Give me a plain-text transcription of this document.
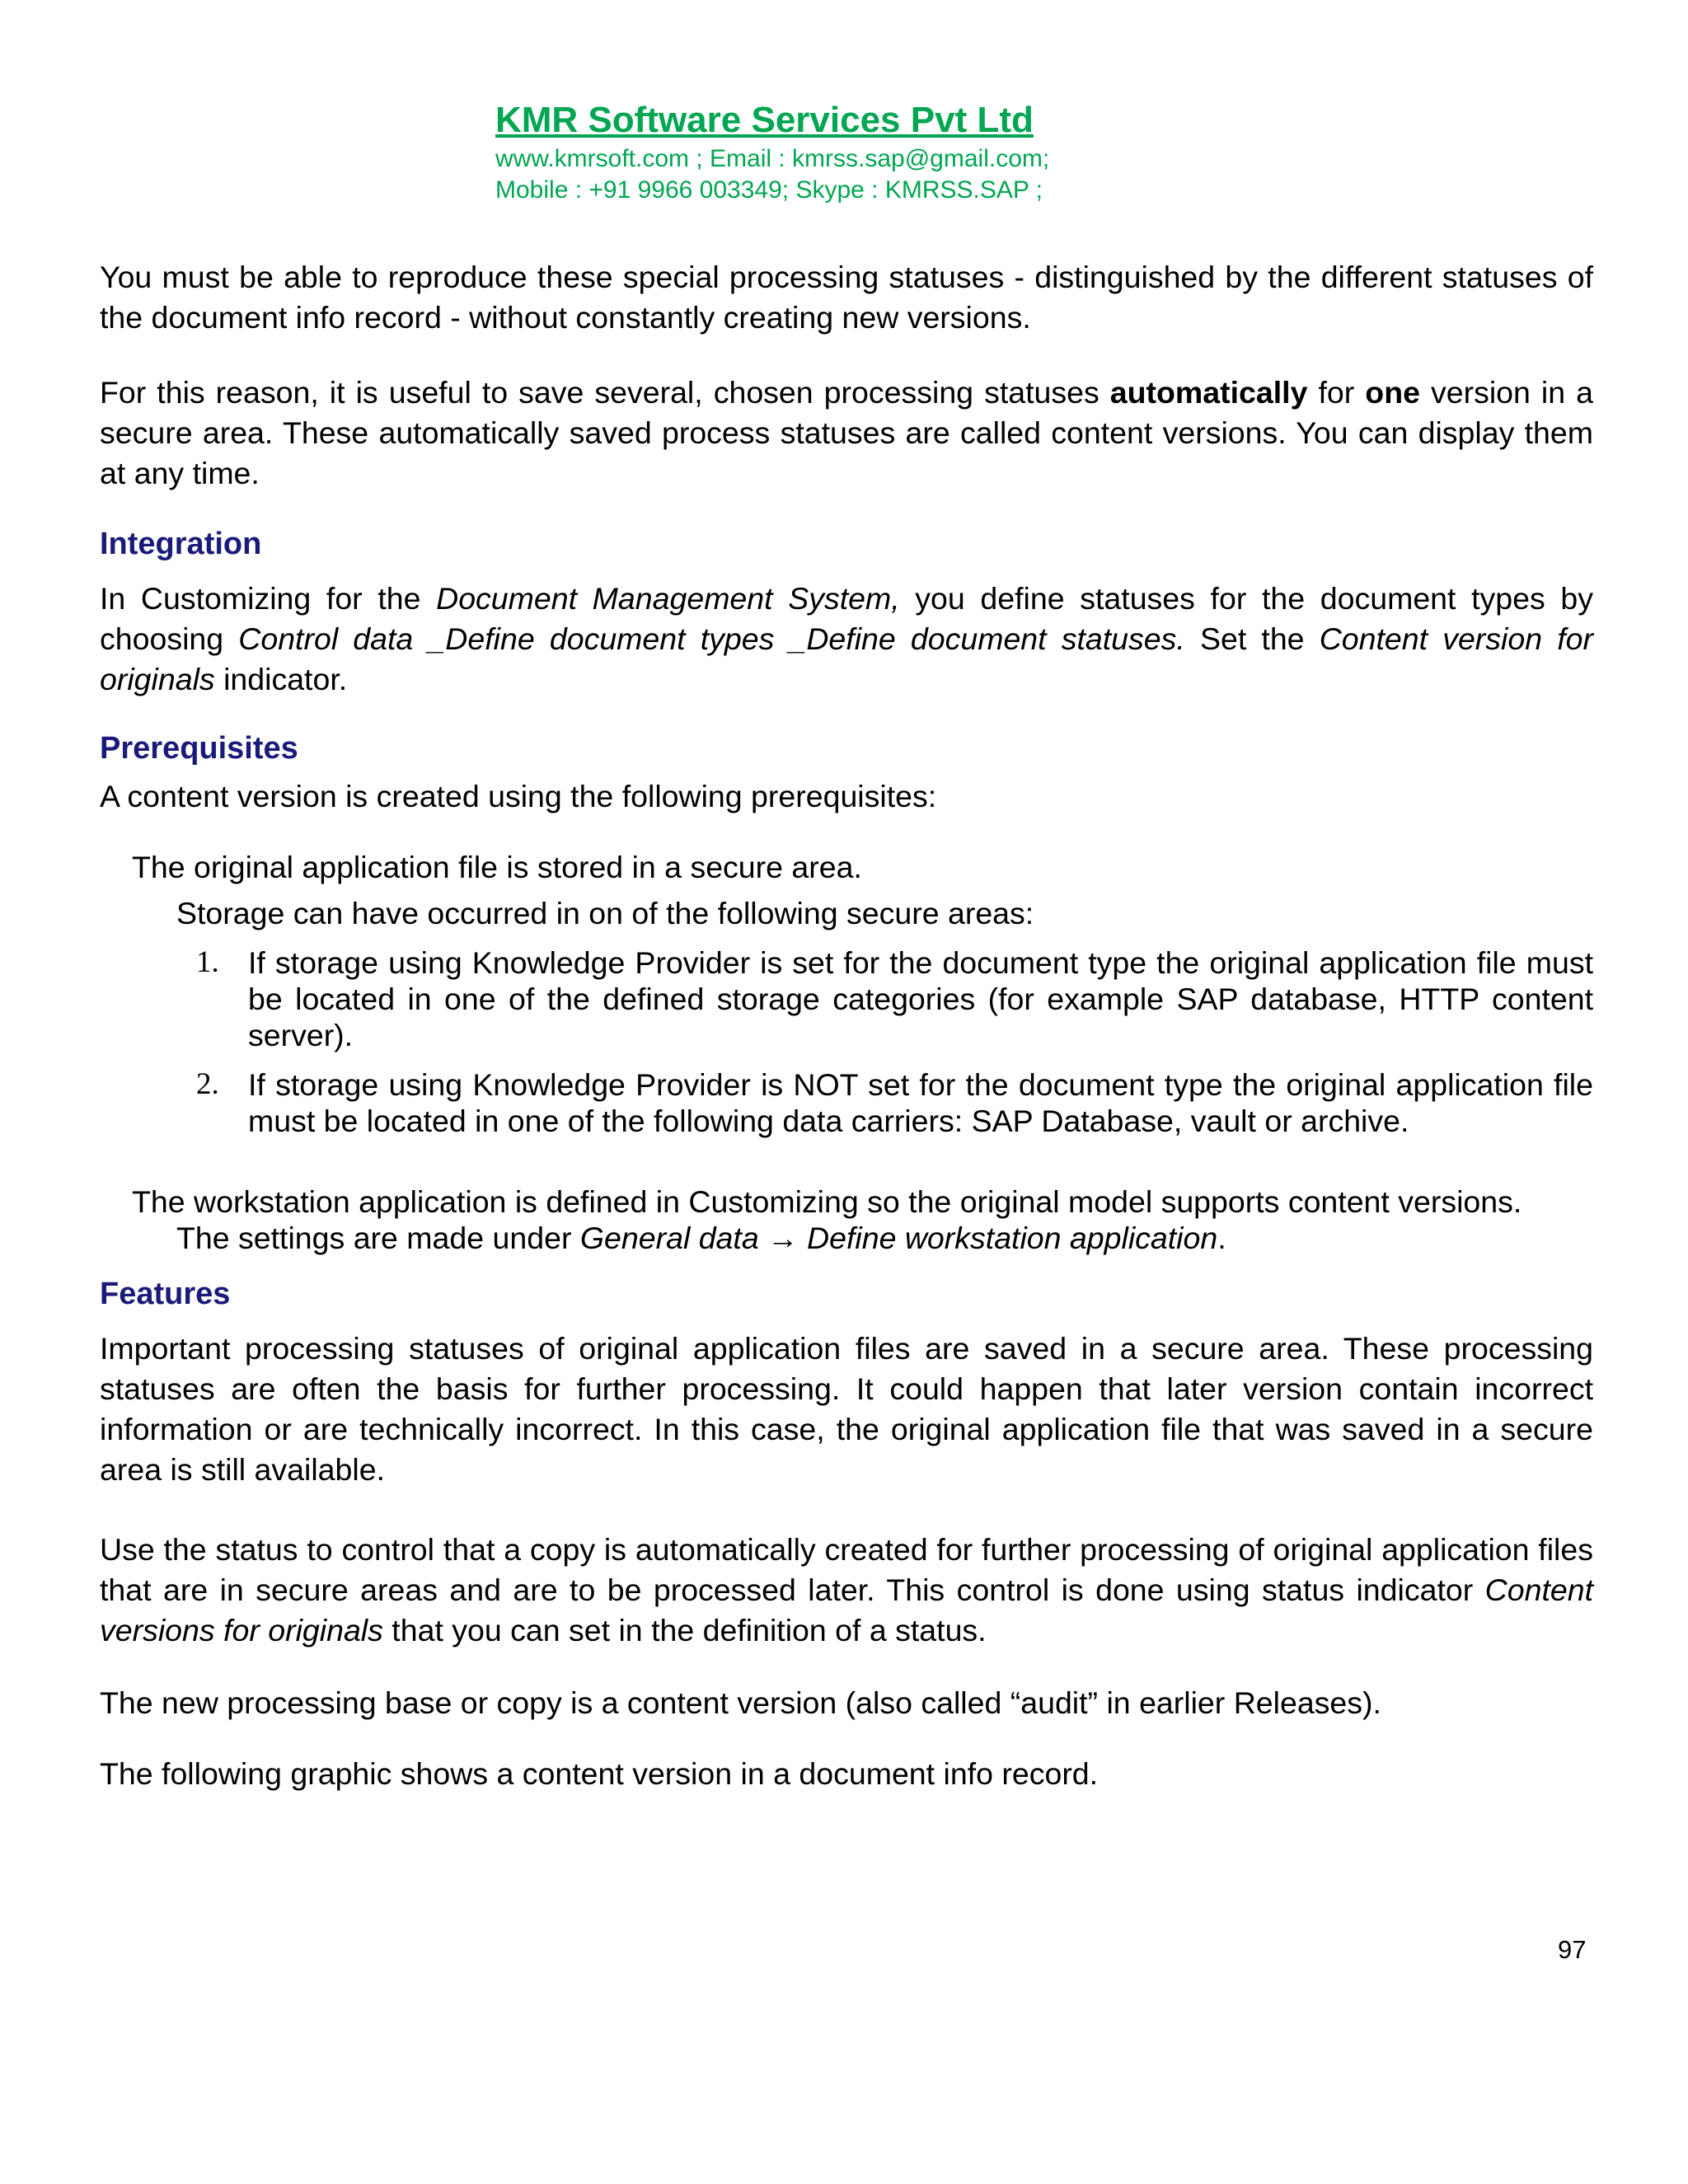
KMR Software Services Pvt Ltd
www.kmrsoft.com ; Email : kmrss.sap@gmail.com;
Mobile : +91 9966 003349; Skype : KMRSS.SAP ;

You must be able to reproduce these special processing statuses - distinguished by the different statuses of the document info record - without constantly creating new versions.

For this reason, it is useful to save several, chosen processing statuses automatically for one version in a secure area. These automatically saved process statuses are called content versions. You can display them at any time.

Integration

In Customizing for the Document Management System, you define statuses for the document types by choosing Control data _Define document types _Define document statuses. Set the Content version for originals indicator.

Prerequisites

A content version is created using the following prerequisites:

The original application file is stored in a secure area.

Storage can have occurred in on of the following secure areas:

1. If storage using Knowledge Provider is set for the document type the original application file must be located in one of the defined storage categories (for example SAP database, HTTP content server).

2. If storage using Knowledge Provider is NOT set for the document type the original application file must be located in one of the following data carriers: SAP Database, vault or archive.

The workstation application is defined in Customizing so the original model supports content versions. The settings are made under General data → Define workstation application.

Features

Important processing statuses of original application files are saved in a secure area. These processing statuses are often the basis for further processing. It could happen that later version contain incorrect information or are technically incorrect. In this case, the original application file that was saved in a secure area is still available.

Use the status to control that a copy is automatically created for further processing of original application files that are in secure areas and are to be processed later. This control is done using status indicator Content versions for originals that you can set in the definition of a status.

The new processing base or copy is a content version (also called “audit” in earlier Releases).

The following graphic shows a content version in a document info record.

97
